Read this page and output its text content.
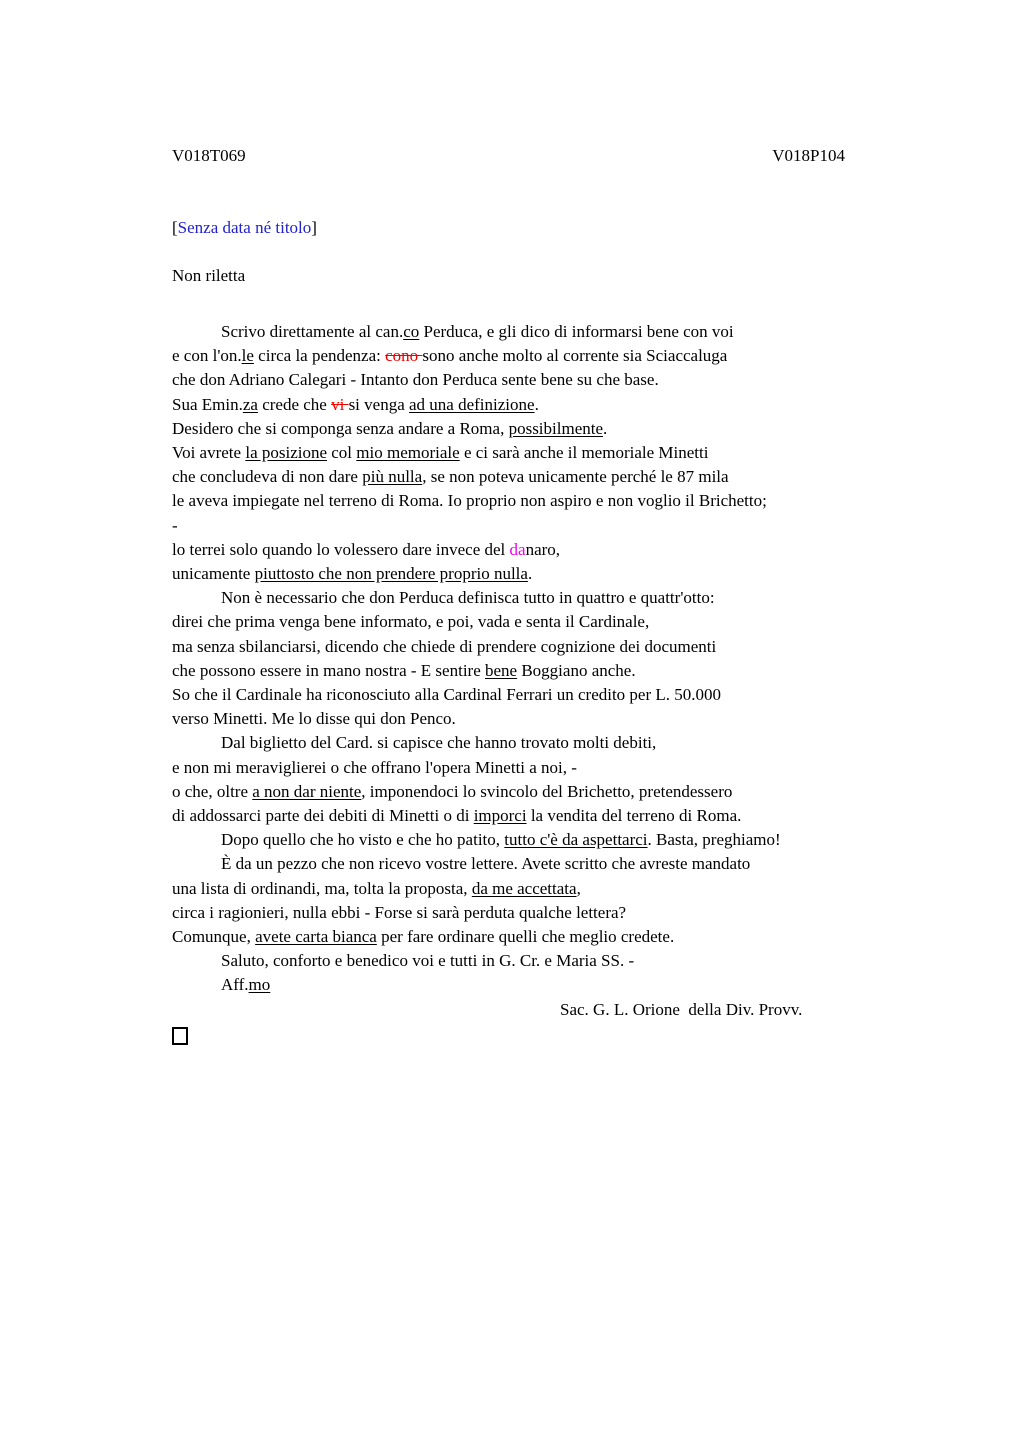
V018T069	V018P104
[Senza data né titolo]
Non riletta
Scrivo direttamente al can.co Perduca, e gli dico di informarsi bene con voi
e con l'on.le circa la pendenza: cono sono anche molto al corrente sia Sciaccaluga
che don Adriano Calegari - Intanto don Perduca sente bene su che base.
Sua Emin.za crede che vi si venga ad una definizione.
Desidero che si componga senza andare a Roma, possibilmente.
Voi avrete la posizione col mio memoriale e ci sarà anche il memoriale Minetti
che concludeva di non dare più nulla, se non poteva unicamente perché le 87 mila
le aveva impiegate nel terreno di Roma. Io proprio non aspiro e non voglio il Brichetto;
-
lo terrei solo quando lo volessero dare invece del danaro,
unicamente piuttosto che non prendere proprio nulla.
Non è necessario che don Perduca definisca tutto in quattro e quattr'otto:
direi che prima venga bene informato, e poi, vada e senta il Cardinale,
ma senza sbilanciarsi, dicendo che chiede di prendere cognizione dei documenti
che possono essere in mano nostra - E sentire bene Boggiano anche.
So che il Cardinale ha riconosciuto alla Cardinal Ferrari un credito per L. 50.000
verso Minetti. Me lo disse qui don Penco.
Dal biglietto del Card. si capisce che hanno trovato molti debiti,
e non mi meraviglierei o che offrano l'opera Minetti a noi, -
o che, oltre a non dar niente, imponendoci lo svincolo del Brichetto, pretendessero
di addossarci parte dei debiti di Minetti o di imporci la vendita del terreno di Roma.
Dopo quello che ho visto e che ho patito, tutto c'è da aspettarci. Basta, preghiamo!
È da un pezzo che non ricevo vostre lettere. Avete scritto che avreste mandato
una lista di ordinandi, ma, tolta la proposta, da me accettata,
circa i ragionieri, nulla ebbi - Forse si sarà perduta qualche lettera?
Comunque, avete carta bianca per fare ordinare quelli che meglio credete.
Saluto, conforto e benedico voi e tutti in G. Cr. e Maria SS. -
Aff.mo
Sac. G. L. Orione  della Div. Provv.
